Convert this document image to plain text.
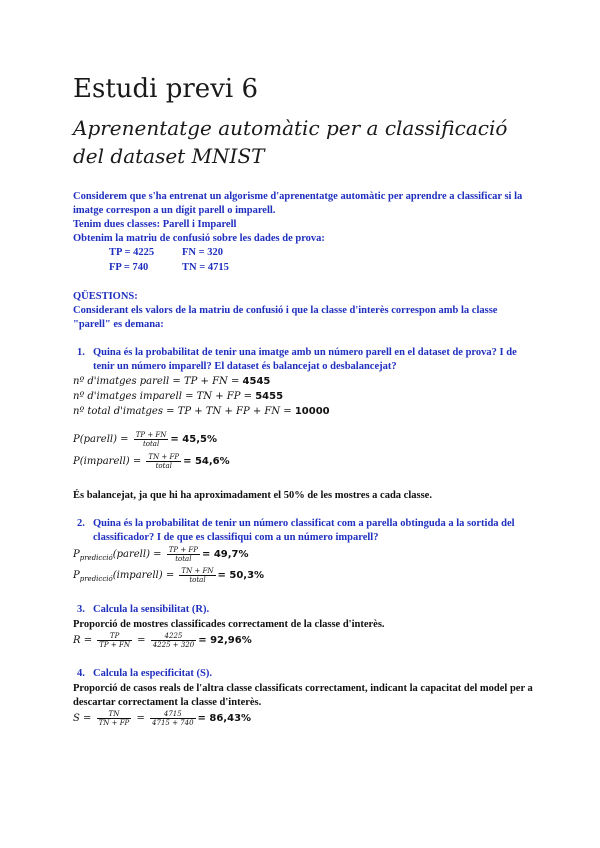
Estudi previ 6
Aprenentatge automàtic per a classificació del dataset MNIST
Considerem que s'ha entrenat un algorisme d'aprenentatge automàtic per aprendre a classificar si la imatge correspon a un dígit parell o imparell.
Tenim dues classes: Parell i Imparell
Obtenim la matriu de confusió sobre les dades de prova:
TP = 4225	FN = 320
FP = 740	TN = 4715
QÜESTIONS:
Considerant els valors de la matriu de confusió i que la classe d'interès correspon amb la classe "parell" es demana:
1. Quina és la probabilitat de tenir una imatge amb un número parell en el dataset de prova? I de tenir un número imparell? El dataset és balancejat o desbalancejat?
nº d'imatges parell = TP + FN = 4545
nº d'imatges imparell = TN + FP = 5455
nº total d'imatges = TP + TN + FP + FN = 10000
P(parell) = $\frac{TP + FN}{\text{total}} = 45,5\%$
P(imparell) = $\frac{TN + FP}{\text{total}} = 54,6\%$
És balancejat, ja que hi ha aproximadament el 50% de les mostres a cada classe.
2. Quina és la probabilitat de tenir un número classificat com a parella obtinguda a la sortida del classificador? I de que es classifiqui com a un número imparell?
$P_{predicció}(parell) = \frac{TP + FP}{\text{total}} = 49,7\%$
$P_{predicció}(imparell) = \frac{TN + FN}{\text{total}} = 50,3\%$
3. Calcula la sensibilitat (R).
Proporció de mostres classificades correctament de la classe d'interès.
$R = \frac{TP}{TP + FN} = \frac{4225}{4225 + 320} = 92,96\%$
4. Calcula la especificitat (S).
Proporció de casos reals de l'altra classe classificats correctament, indicant la capacitat del model per a descartar correctament la classe d'interès.
$S = \frac{TN}{TN + FP} = \frac{4715}{4715 + 740} = 86,43\%$
